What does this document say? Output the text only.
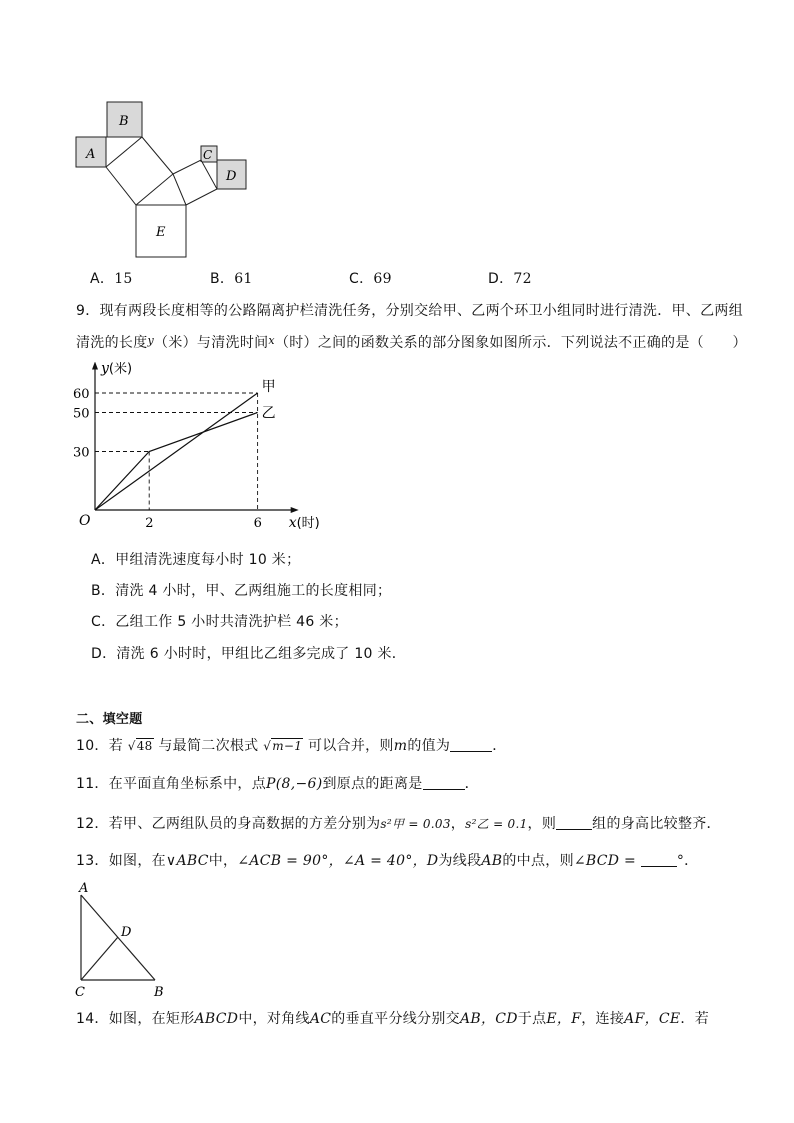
A
B
C
D
E
A．15	B．61	C．69	D．72
9．现有两段长度相等的公路隔离护栏清洗任务，分别交给甲、乙两个环卫小组同时进行清洗．甲、乙两组
清洗的长度$^y$（米）与清洗时间$^x$（时）之间的函数关系的部分图象如图所示．下列说法不正确的是（　　）
y(米)
x(时)
O	2	6
30
50
60	甲
乙
A．甲组清洗速度每小时 10 米；
B．清洗 4 小时，甲、乙两组施工的长度相同；
C．乙组工作 5 小时共清洗护栏 46 米；
D．清洗 6 小时时，甲组比乙组多完成了 10 米．
二、填空题
10．若 √48 与最简二次根式 √m−1 可以合并，则m的值为	．
11．在平面直角坐标系中，点P(8,−6)到原点的距离是	．
12．若甲、乙两组队员的身高数据的方差分别为s²甲 = 0.03，s²乙 = 0.1，则	组的身高比较整齐．
13．如图，在∨ABC中，∠ACB = 90°，∠A = 40°，D为线段AB的中点，则∠BCD =	°．
A
D
C	B
14．如图，在矩形ABCD中，对角线AC的垂直平分线分别交AB，CD于点E，F，连接AF，CE．若
